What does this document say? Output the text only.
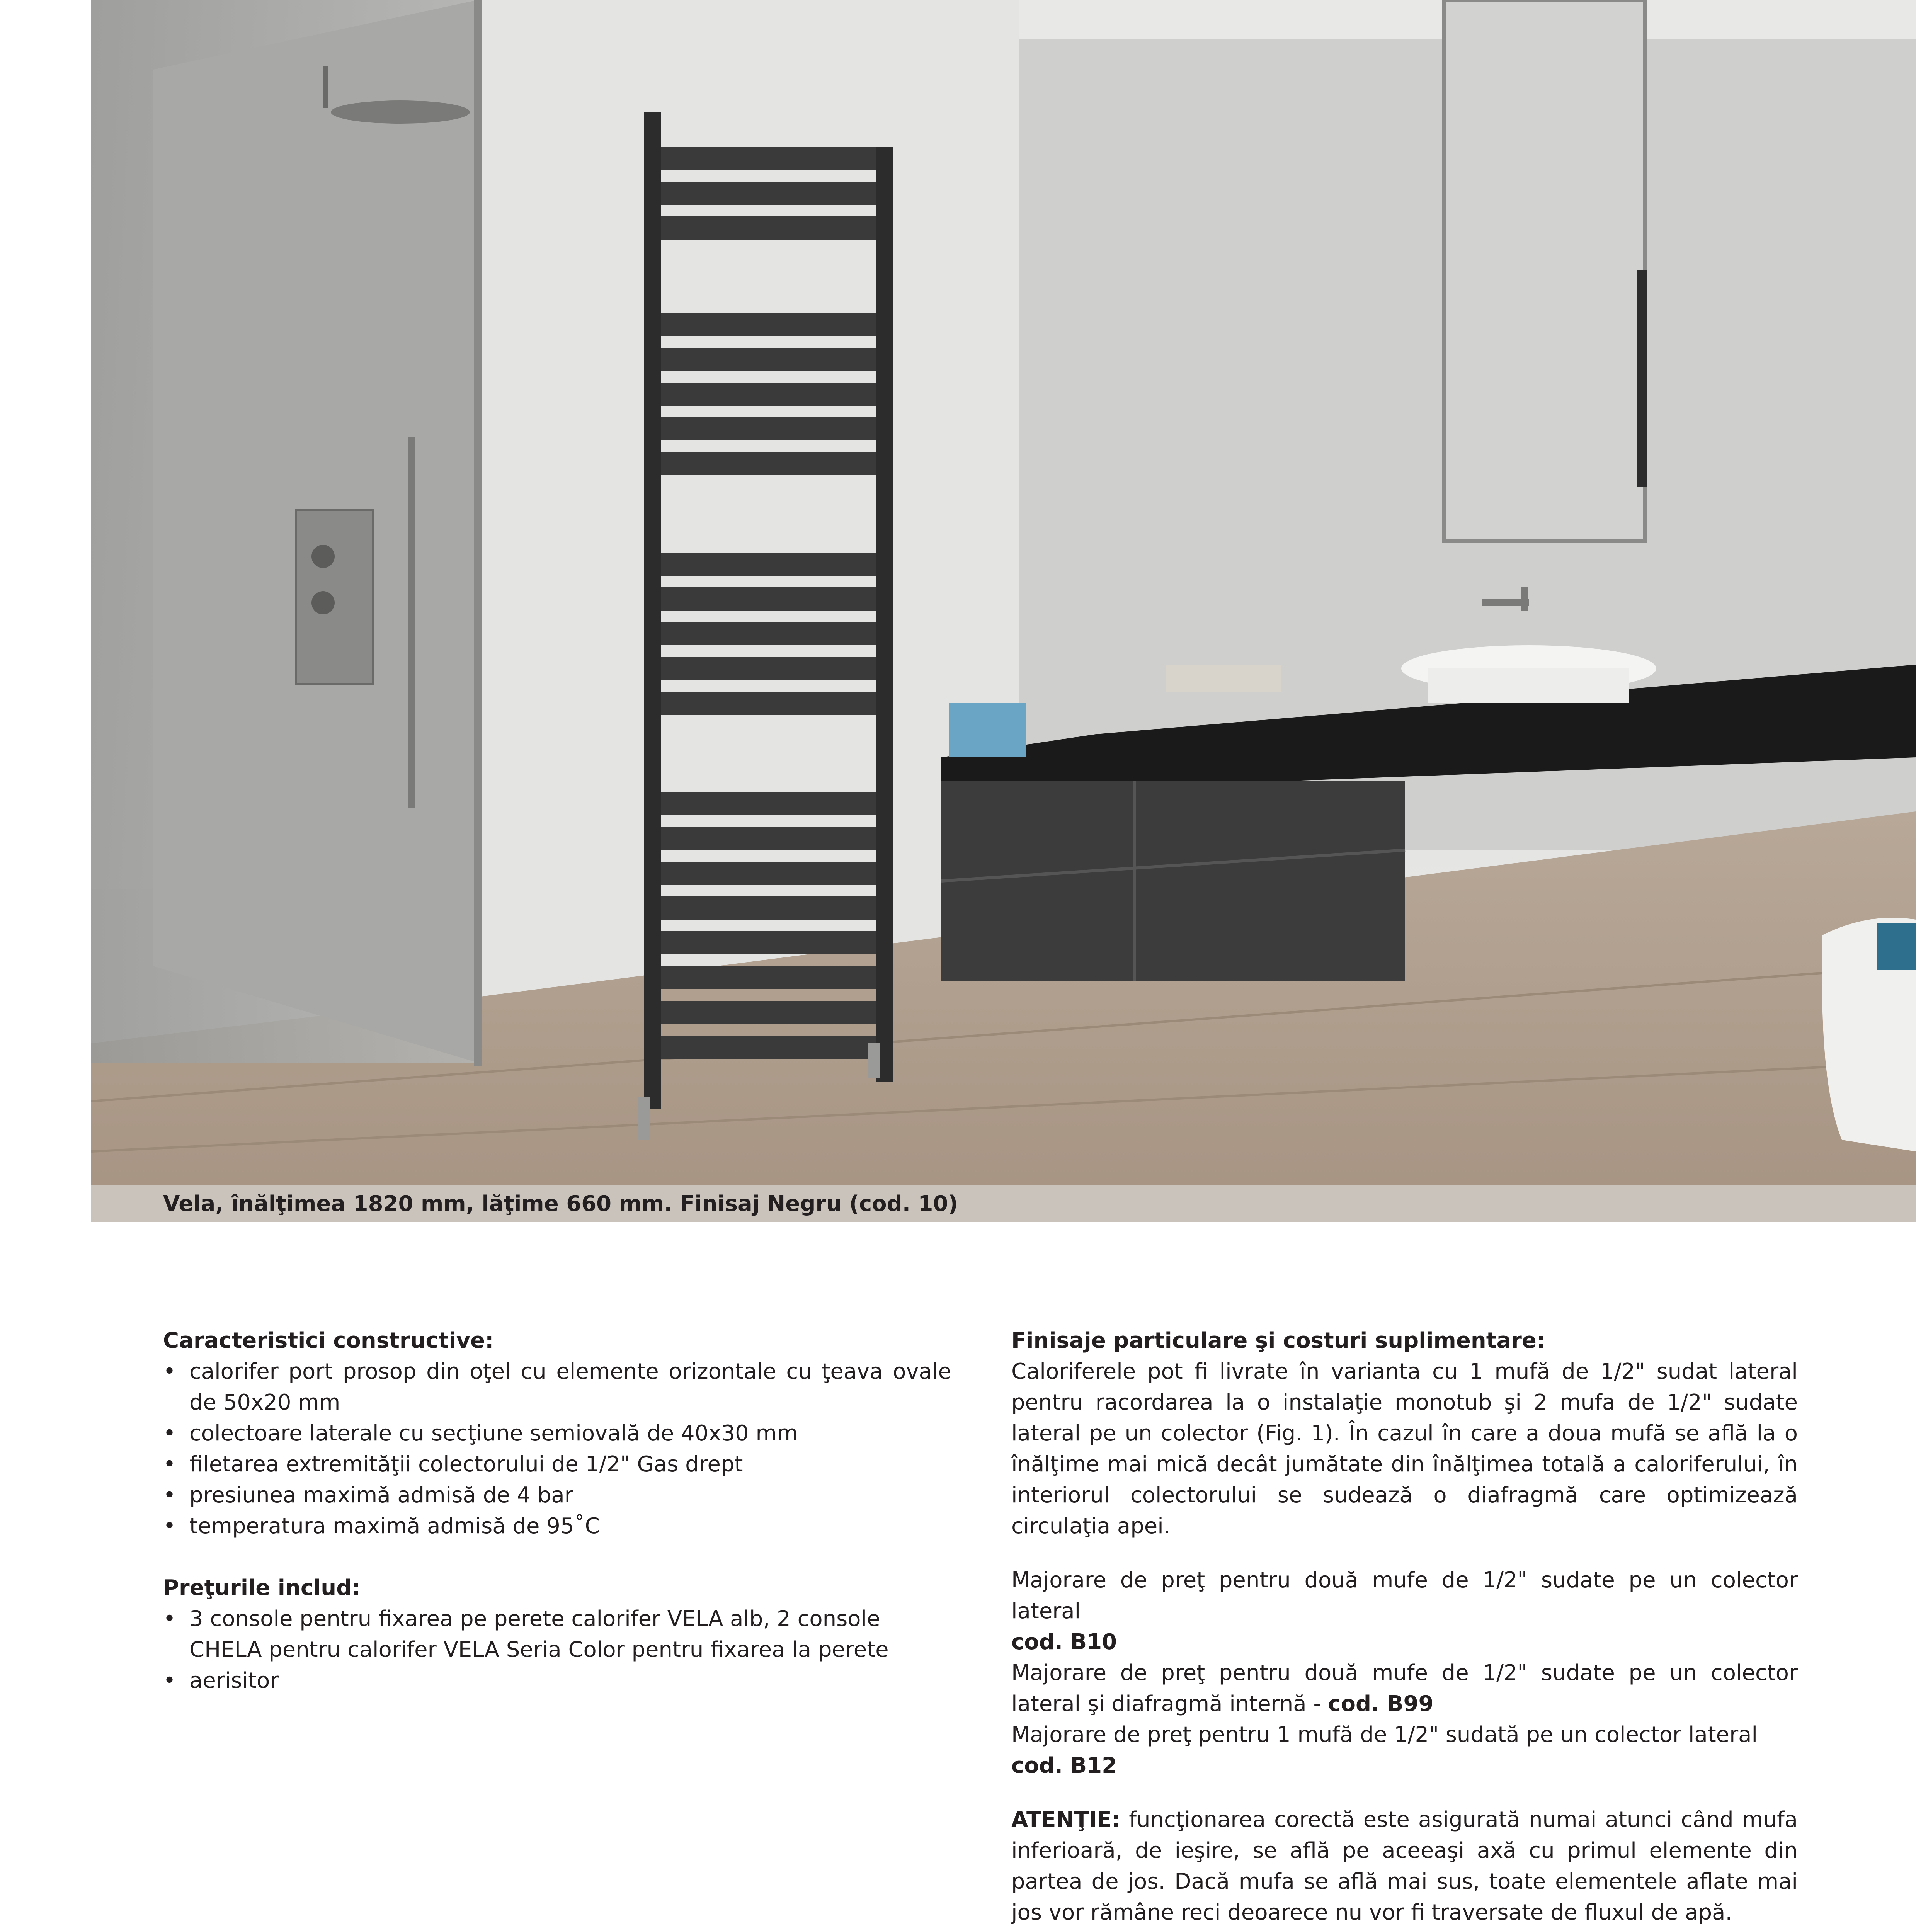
Vela, înălţimea 1820 mm, lăţime 660 mm. Finisaj Negru (cod. 10)
Caracteristici constructive:
• calorifer port prosop din oţel cu elemente orizontale cu ţeava ovale de 50x20 mm
• colectoare laterale cu secţiune semiovală de 40x30 mm
• filetarea extremităţii colectorului de 1/2" Gas drept
• presiunea maximă admisă de 4 bar
• temperatura maximă admisă de 95˚C
Preţurile includ:
• 3 console pentru fixarea pe perete calorifer VELA alb, 2 console CHELA pentru calorifer VELA Seria Color pentru fixarea la perete
• aerisitor
Finisaje particulare şi costuri suplimentare:
Caloriferele pot fi livrate în varianta cu 1 mufă de 1/2" sudat lateral pentru racordarea la o instalaţie monotub şi 2 mufa de 1/2" sudate lateral pe un colector (Fig. 1). În cazul în care a doua mufă se află la o înălţime mai mică decât jumătate din înălţimea totală a caloriferului, în interiorul colectorului se sudează o diafragmă care optimizează circulaţia apei.
Majorare de preţ pentru două mufe de 1/2" sudate pe un colector lateral
cod. B10
Majorare de preţ pentru două mufe de 1/2" sudate pe un colector lateral şi diafragmă internă - cod. B99
Majorare de preţ pentru 1 mufă de 1/2" sudată pe un colector lateral
cod. B12
ATENŢIE: funcţionarea corectă este asigurată numai atunci când mufa inferioară, de ieşire, se află pe aceeaşi axă cu primul elemente din partea de jos. Dacă mufa se află mai sus, toate elementele aflate mai jos vor rămâne reci deoarece nu vor fi traversate de fluxul de apă.
